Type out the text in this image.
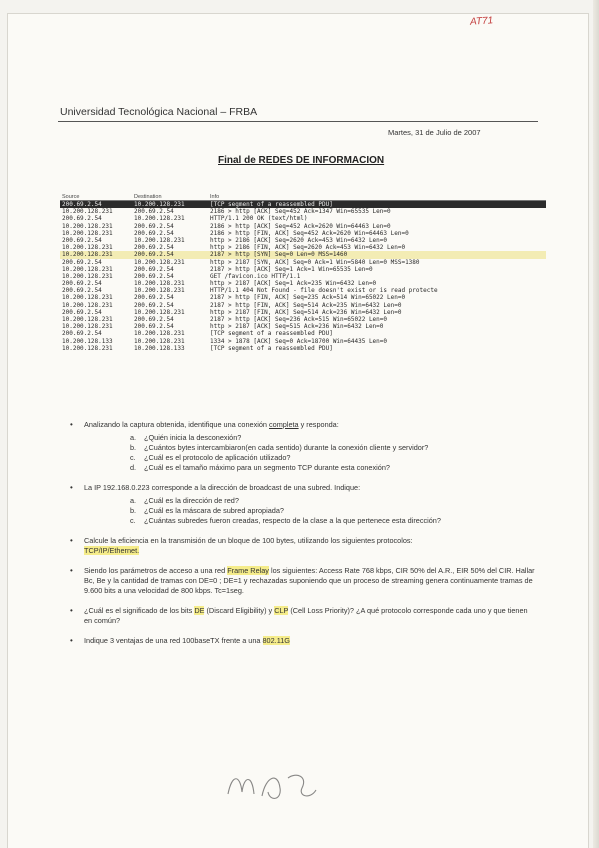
AT71
Universidad Tecnológica Nacional – FRBA
Martes, 31 de Julio de 2007
Final de REDES DE INFORMACION
Source	Destination	Info
200.69.2.54	10.200.128.231	[TCP segment of a reassembled PDU]
10.200.128.231	200.69.2.54	2186 > http [ACK] Seq=452 Ack=1347 Win=65535 Len=0
200.69.2.54	10.200.128.231	HTTP/1.1 200 OK (text/html)
10.200.128.231	200.69.2.54	2186 > http [ACK] Seq=452 Ack=2620 Win=64463 Len=0
10.200.128.231	200.69.2.54	2186 > http [FIN, ACK] Seq=452 Ack=2620 Win=64463 Len=0
200.69.2.54	10.200.128.231	http > 2186 [ACK] Seq=2620 Ack=453 Win=6432 Len=0
10.200.128.231	200.69.2.54	http > 2186 [FIN, ACK] Seq=2620 Ack=453 Win=6432 Len=0
10.200.128.231	200.69.2.54	2187 > http [SYN] Seq=0 Len=0 MSS=1460
200.69.2.54	10.200.128.231	http > 2187 [SYN, ACK] Seq=0 Ack=1 Win=5840 Len=0 MSS=1380
10.200.128.231	200.69.2.54	2187 > http [ACK] Seq=1 Ack=1 Win=65535 Len=0
10.200.128.231	200.69.2.54	GET /favicon.ico HTTP/1.1
200.69.2.54	10.200.128.231	http > 2187 [ACK] Seq=1 Ack=235 Win=6432 Len=0
200.69.2.54	10.200.128.231	HTTP/1.1 404 Not Found - file doesn't exist or is read protecte
10.200.128.231	200.69.2.54	2187 > http [FIN, ACK] Seq=235 Ack=514 Win=65022 Len=0
10.200.128.231	200.69.2.54	2187 > http [FIN, ACK] Seq=514 Ack=235 Win=6432 Len=0
200.69.2.54	10.200.128.231	http > 2187 [FIN, ACK] Seq=514 Ack=236 Win=6432 Len=0
10.200.128.231	200.69.2.54	2187 > http [ACK] Seq=236 Ack=515 Win=65022 Len=0
10.200.128.231	200.69.2.54	http > 2187 [ACK] Seq=515 Ack=236 Win=6432 Len=0
200.69.2.54	10.200.128.231	[TCP segment of a reassembled PDU]
10.200.128.133	10.200.128.231	1334 > 1878 [ACK] Seq=0 Ack=18700 Win=64435 Len=0
10.200.128.231	10.200.128.133	[TCP segment of a reassembled PDU]
• Analizando la captura obtenida, identifique una conexión completa y responda:
a. ¿Quién inicia la desconexión?
b. ¿Cuántos bytes intercambiaron(en cada sentido) durante la conexión cliente y servidor?
c. ¿Cuál es el protocolo de aplicación utilizado?
d. ¿Cuál es el tamaño máximo para un segmento TCP durante esta conexión?
• La IP 192.168.0.223 corresponde a la dirección de broadcast de una subred. Indique:
a. ¿Cuál es la dirección de red?
b. ¿Cuál es la máscara de subred apropiada?
c. ¿Cuántas subredes fueron creadas, respecto de la clase a la que pertenece esta dirección?
• Calcule la eficiencia en la transmisión de un bloque de 100 bytes, utilizando los siguientes protocolos:
TCP/IP/Ethernet.
• Siendo los parámetros de acceso a una red Frame Relay los siguientes: Access Rate 768 kbps, CIR 50% del A.R., EIR 50% del CIR. Hallar Bc, Be y la cantidad de tramas con DE=0 ; DE=1 y rechazadas suponiendo que un proceso de streaming genera continuamente tramas de 9.600 bits a una velocidad de 800 kbps. Tc=1seg.
• ¿Cuál es el significado de los bits DE (Discard Eligibility) y CLP (Cell Loss Priority)? ¿A qué protocolo corresponde cada uno y que tienen en común?
• Indique 3 ventajas de una red 100baseTX frente a una 802.11G
